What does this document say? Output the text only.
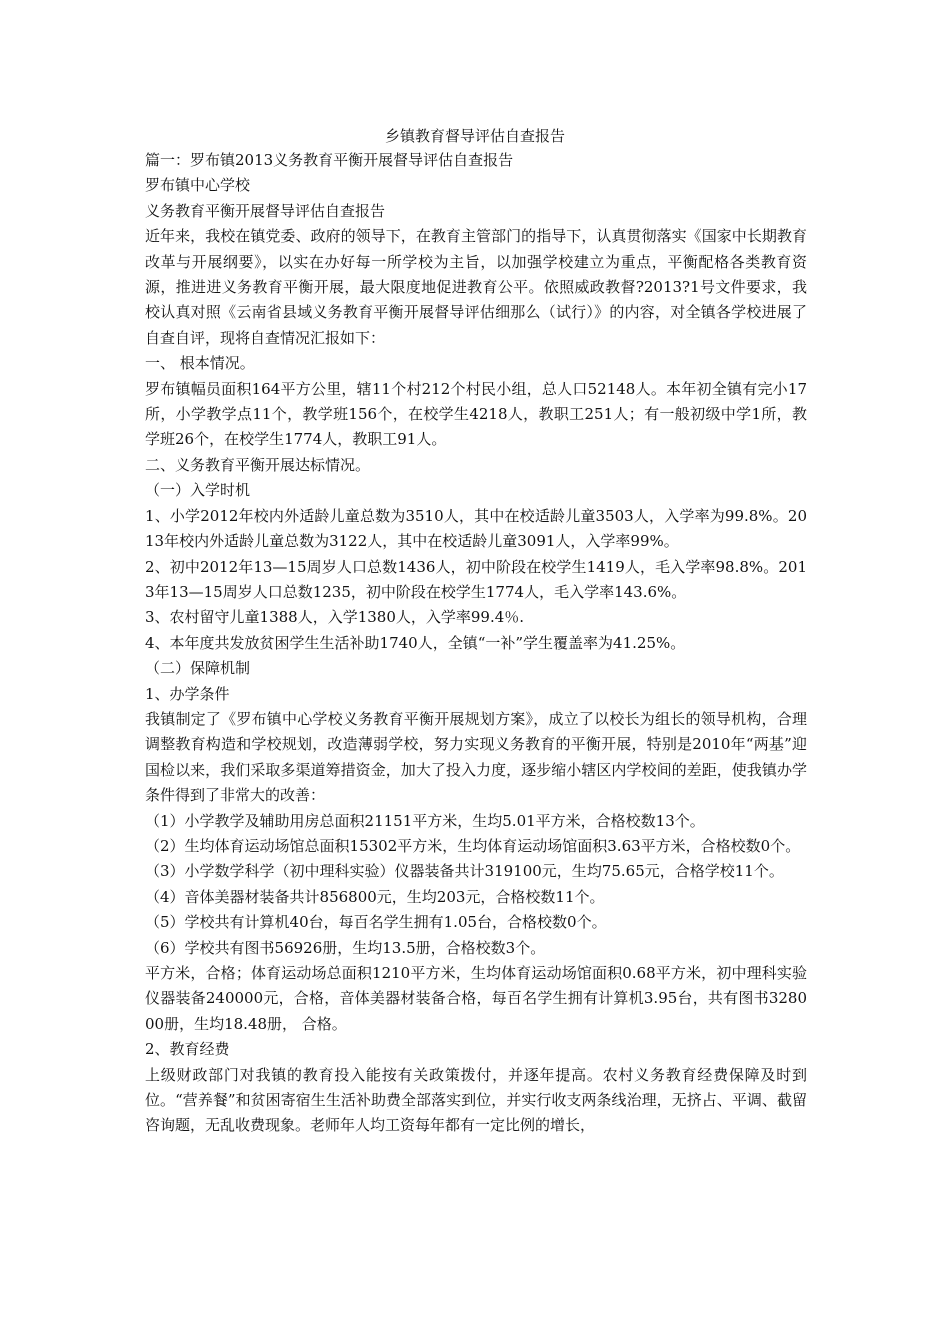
乡镇教育督导评估自查报告

篇一：罗布镇2013义务教育平衡开展督导评估自查报告

罗布镇中心学校

义务教育平衡开展督导评估自查报告

近年来，我校在镇党委、政府的领导下，在教育主管部门的指导下，认真贯彻落实《国家中长期教育改革与开展纲要》，以实在办好每一所学校为主旨，以加强学校建立为重点，平衡配格各类教育资源，推进进义务教育平衡开展，最大限度地促进教育公平。依照威政教督?2013?1号文件要求，我校认真对照《云南省县域义务教育平衡开展督导评估细那么（试行）》的内容，对全镇各学校进展了自查自评，现将自查情况汇报如下：

一、 根本情况。

罗布镇幅员面积164平方公里，辖11个村212个村民小组，总人口52148人。本年初全镇有完小17所，小学教学点11个，教学班156个，在校学生4218人，教职工251人；有一般初级中学1所，教学班26个，在校学生1774人，教职工91人。

二、义务教育平衡开展达标情况。

（一）入学时机

1、小学2012年校内外适龄儿童总数为3510人，其中在校适龄儿童3503人，入学率为99.8%。2013年校内外适龄儿童总数为3122人，其中在校适龄儿童3091人，入学率99%。

2、初中2012年13—15周岁人口总数1436人，初中阶段在校学生1419人，毛入学率98.8%。2013年13—15周岁人口总数1235，初中阶段在校学生1774人，毛入学率143.6%。

3、农村留守儿童1388人，入学1380人，入学率99.4％.

4、本年度共发放贫困学生生活补助1740人，全镇“一补”学生覆盖率为41.25%。

（二）保障机制

1、办学条件

我镇制定了《罗布镇中心学校义务教育平衡开展规划方案》，成立了以校长为组长的领导机构，合理调整教育构造和学校规划，改造薄弱学校，努力实现义务教育的平衡开展，特别是2010年“两基”迎国检以来，我们采取多渠道筹措资金，加大了投入力度，逐步缩小辖区内学校间的差距，使我镇办学条件得到了非常大的改善：

（1）小学教学及辅助用房总面积21151平方米，生均5.01平方米，合格校数13个。

（2）生均体育运动场馆总面积15302平方米，生均体育运动场馆面积3.63平方米，合格校数0个。

（3）小学数学科学（初中理科实验）仪器装备共计319100元，生均75.65元，合格学校11个。

（4）音体美器材装备共计856800元，生均203元，合格校数11个。

（5）学校共有计算机40台，每百名学生拥有1.05台，合格校数0个。

（6）学校共有图书56926册，生均13.5册，合格校数3个。

平方米，合格；体育运动场总面积1210平方米，生均体育运动场馆面积0.68平方米，初中理科实验仪器装备240000元，合格，音体美器材装备合格，每百名学生拥有计算机3.95台，共有图书328000册，生均18.48册， 合格。

2、教育经费

上级财政部门对我镇的教育投入能按有关政策拨付，并逐年提高。农村义务教育经费保障及时到位。“营养餐”和贫困寄宿生生活补助费全部落实到位，并实行收支两条线治理，无挤占、平调、截留咨询题，无乱收费现象。老师年人均工资每年都有一定比例的增长，
